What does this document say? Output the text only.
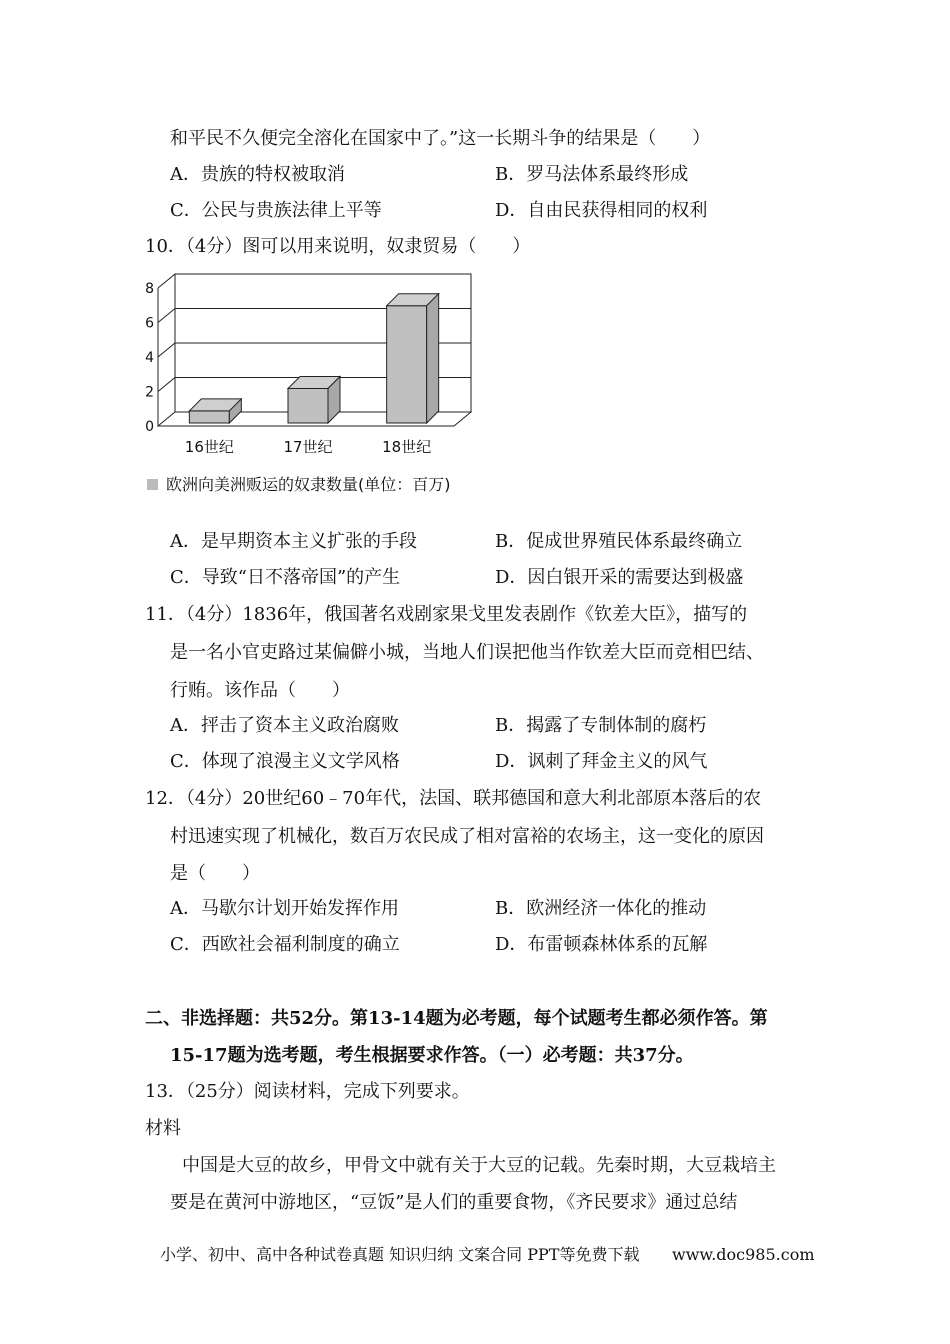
和平民不久便完全溶化在国家中了。”这一长期斗争的结果是（　　）
A．贵族的特权被取消	B．罗马法体系最终形成
C．公民与贵族法律上平等	D．自由民获得相同的权利
10．（4分）图可以用来说明，奴隶贸易（　　）
0
2
4
6
8
16世纪	17世纪	18世纪
欧洲向美洲贩运的奴隶数量(单位：百万)
A．是早期资本主义扩张的手段	B．促成世界殖民体系最终确立
C．导致“日不落帝国”的产生	D．因白银开采的需要达到极盛
11．（4分）1836年，俄国著名戏剧家果戈里发表剧作《钦差大臣》，描写的
是一名小官吏路过某偏僻小城，当地人们误把他当作钦差大臣而竞相巴结、
行贿。该作品（　　）
A．抨击了资本主义政治腐败	B．揭露了专制体制的腐朽
C．体现了浪漫主义文学风格	D．讽刺了拜金主义的风气
12．（4分）20世纪60﹣70年代，法国、联邦德国和意大利北部原本落后的农
村迅速实现了机械化，数百万农民成了相对富裕的农场主，这一变化的原因
是（　　）
A．马歇尔计划开始发挥作用	B．欧洲经济一体化的推动
C．西欧社会福利制度的确立	D．布雷顿森林体系的瓦解
二、非选择题：共52分。第13-14题为必考题，每个试题考生都必须作答。第
15-17题为选考题，考生根据要求作答。（一）必考题：共37分。
13．（25分）阅读材料，完成下列要求。
材料
中国是大豆的故乡，甲骨文中就有关于大豆的记载。先秦时期，大豆栽培主
要是在黄河中游地区，“豆饭”是人们的重要食物，《齐民要求》通过总结
小学、初中、高中各种试卷真题 知识归纳 文案合同 PPT等免费下载 www.doc985.com
